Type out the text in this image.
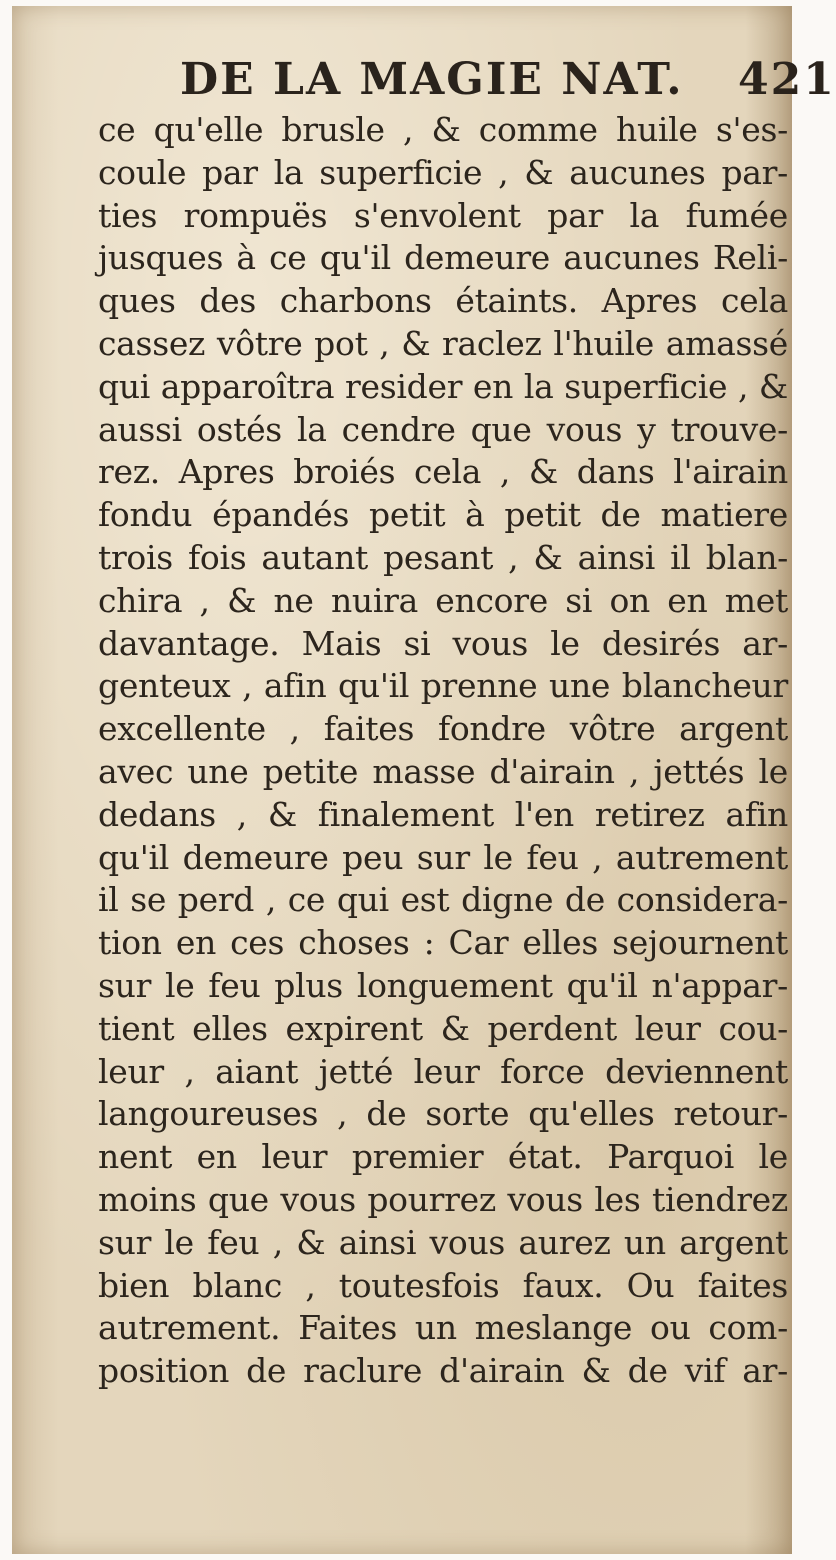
DE LA MAGIE NAT. 421
ce qu'elle brusle , & comme huile s'es-
coule par la superficie , & aucunes par-
ties rompuës s'envolent par la fumée
jusques à ce qu'il demeure aucunes Reli-
ques des charbons étaints. Apres cela
cassez vôtre pot , & raclez l'huile amassé
qui apparoîtra resider en la superficie , &
aussi ostés la cendre que vous y trouve-
rez. Apres broiés cela , & dans l'airain
fondu épandés petit à petit de matiere
trois fois autant pesant , & ainsi il blan-
chira , & ne nuira encore si on en met
davantage. Mais si vous le desirés ar-
genteux , afin qu'il prenne une blancheur
excellente , faites fondre vôtre argent
avec une petite masse d'airain , jettés le
dedans , & finalement l'en retirez afin
qu'il demeure peu sur le feu , autrement
il se perd , ce qui est digne de considera-
tion en ces choses : Car elles sejournent
sur le feu plus longuement qu'il n'appar-
tient elles expirent & perdent leur cou-
leur , aiant jetté leur force deviennent
langoureuses , de sorte qu'elles retour-
nent en leur premier état. Parquoi le
moins que vous pourrez vous les tiendrez
sur le feu , & ainsi vous aurez un argent
bien blanc , toutesfois faux. Ou faites
autrement. Faites un meslange ou com-
position de raclure d'airain & de vif ar-
